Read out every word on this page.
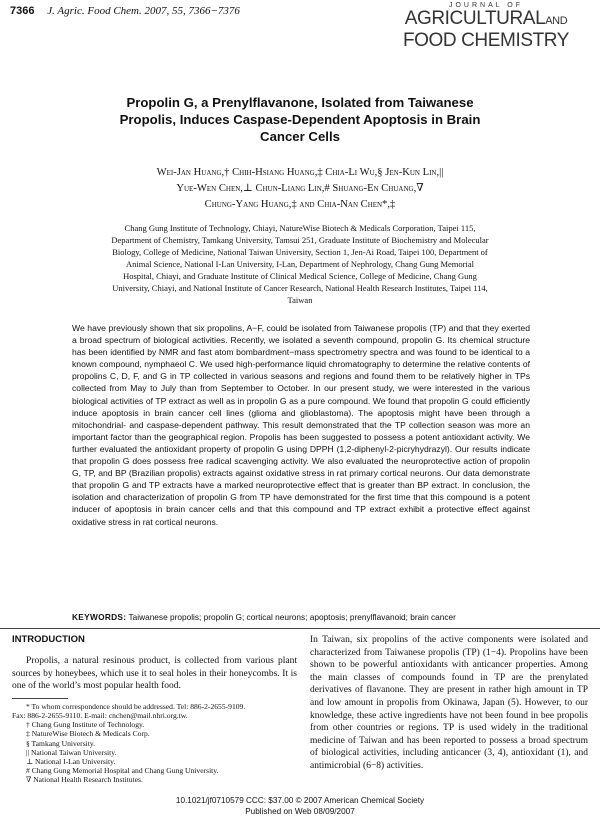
7366 J. Agric. Food Chem. 2007, 55, 7366−7376	JOURNAL OF
AGRICULTURALAND
FOOD CHEMISTRY
Propolin G, a Prenylflavanone, Isolated from Taiwanese
Propolis, Induces Caspase-Dependent Apoptosis in Brain
Cancer Cells
Wei-Jan Huang,† Chih-Hsiang Huang,‡ Chia-Li Wu,§ Jen-Kun Lin,||
Yue-Wen Chen,⊥ Chun-Liang Lin,# Shuang-En Chuang,∇
Chung-Yang Huang,‡ and Chia-Nan Chen*,‡
Chang Gung Institute of Technology, Chiayi, NatureWise Biotech & Medicals Corporation, Taipei 115, Department of Chemistry, Tamkang University, Tamsui 251, Graduate Institute of Biochemistry and Molecular Biology, College of Medicine, National Taiwan University, Section 1, Jen-Ai Road, Taipei 100, Department of Animal Science, National I-Lan University, I-Lan, Department of Nephrology, Chang Gung Memorial Hospital, Chiayi, and Graduate Institute of Clinical Medical Science, College of Medicine, Chang Gung University, Chiayi, and National Institute of Cancer Research, National Health Research Institutes, Taipei 114, Taiwan
We have previously shown that six propolins, A−F, could be isolated from Taiwanese propolis (TP) and that they exerted a broad spectrum of biological activities. Recently, we isolated a seventh compound, propolin G. Its chemical structure has been identified by NMR and fast atom bombardment−mass spectrometry spectra and was found to be identical to a known compound, nymphaeol C. We used high-performance liquid chromatography to determine the relative contents of propolins C, D, F, and G in TP collected in various seasons and regions and found them to be relatively higher in TPs collected from May to July than from September to October. In our present study, we were interested in the various biological activities of TP extract as well as in propolin G as a pure compound. We found that propolin G could efficiently induce apoptosis in brain cancer cell lines (glioma and glioblastoma). The apoptosis might have been through a mitochondrial- and caspase-dependent pathway. This result demonstrated that the TP collection season was more an important factor than the geographical region. Propolis has been suggested to possess a potent antioxidant activity. We further evaluated the antioxidant property of propolin G using DPPH (1,2-diphenyl-2-picryhydrazyl). Our results indicate that propolin G does possess free radical scavenging activity. We also evaluated the neuroprotective action of propolin G, TP, and BP (Brazilian propolis) extracts against oxidative stress in rat primary cortical neurons. Our data demonstrate that propolin G and TP extracts have a marked neuroprotective effect that is greater than BP extract. In conclusion, the isolation and characterization of propolin G from TP have demonstrated for the first time that this compound is a potent inducer of apoptosis in brain cancer cells and that this compound and TP extract exhibit a protective effect against oxidative stress in rat cortical neurons.
KEYWORDS: Taiwanese propolis; propolin G; cortical neurons; apoptosis; prenylflavanoid; brain cancer
INTRODUCTION

Propolis, a natural resinous product, is collected from various plant sources by honeybees, which use it to seal holes in their honeycombs. It is one of the world’s most popular health food.

* To whom correspondence should be addressed. Tel: 886-2-2655-9109.

Fax: 886-2-2655-9110. E-mail: cnchen@mail.nhri.org.tw.

† Chang Gung Institute of Technology.

‡ NatureWise Biotech & Medicals Corp.

§ Tamkang University.

|| National Taiwan University.

⊥ National I-Lan University.

# Chang Gung Memorial Hospital and Chang Gung University.

∇ National Health Research Institutes.

In Taiwan, six propolins of the active components were isolated and characterized from Taiwanese propolis (TP) (1−4). Propolins have been shown to be powerful antioxidants with anticancer properties. Among the main classes of compounds found in TP are the prenylated derivatives of flavanone. They are present in rather high amount in TP and low amount in propolis from Okinawa, Japan (5). However, to our knowledge, these active ingredients have not been found in bee propolis from other countries or regions. TP is used widely in the traditional medicine of Taiwan and has been reported to possess a broad spectrum of biological activities, including anticancer (3, 4), antioxidant (1), and antimicrobial (6−8) activities.

10.1021/jf0710579 CCC: $37.00 © 2007 American Chemical Society
Published on Web 08/09/2007
